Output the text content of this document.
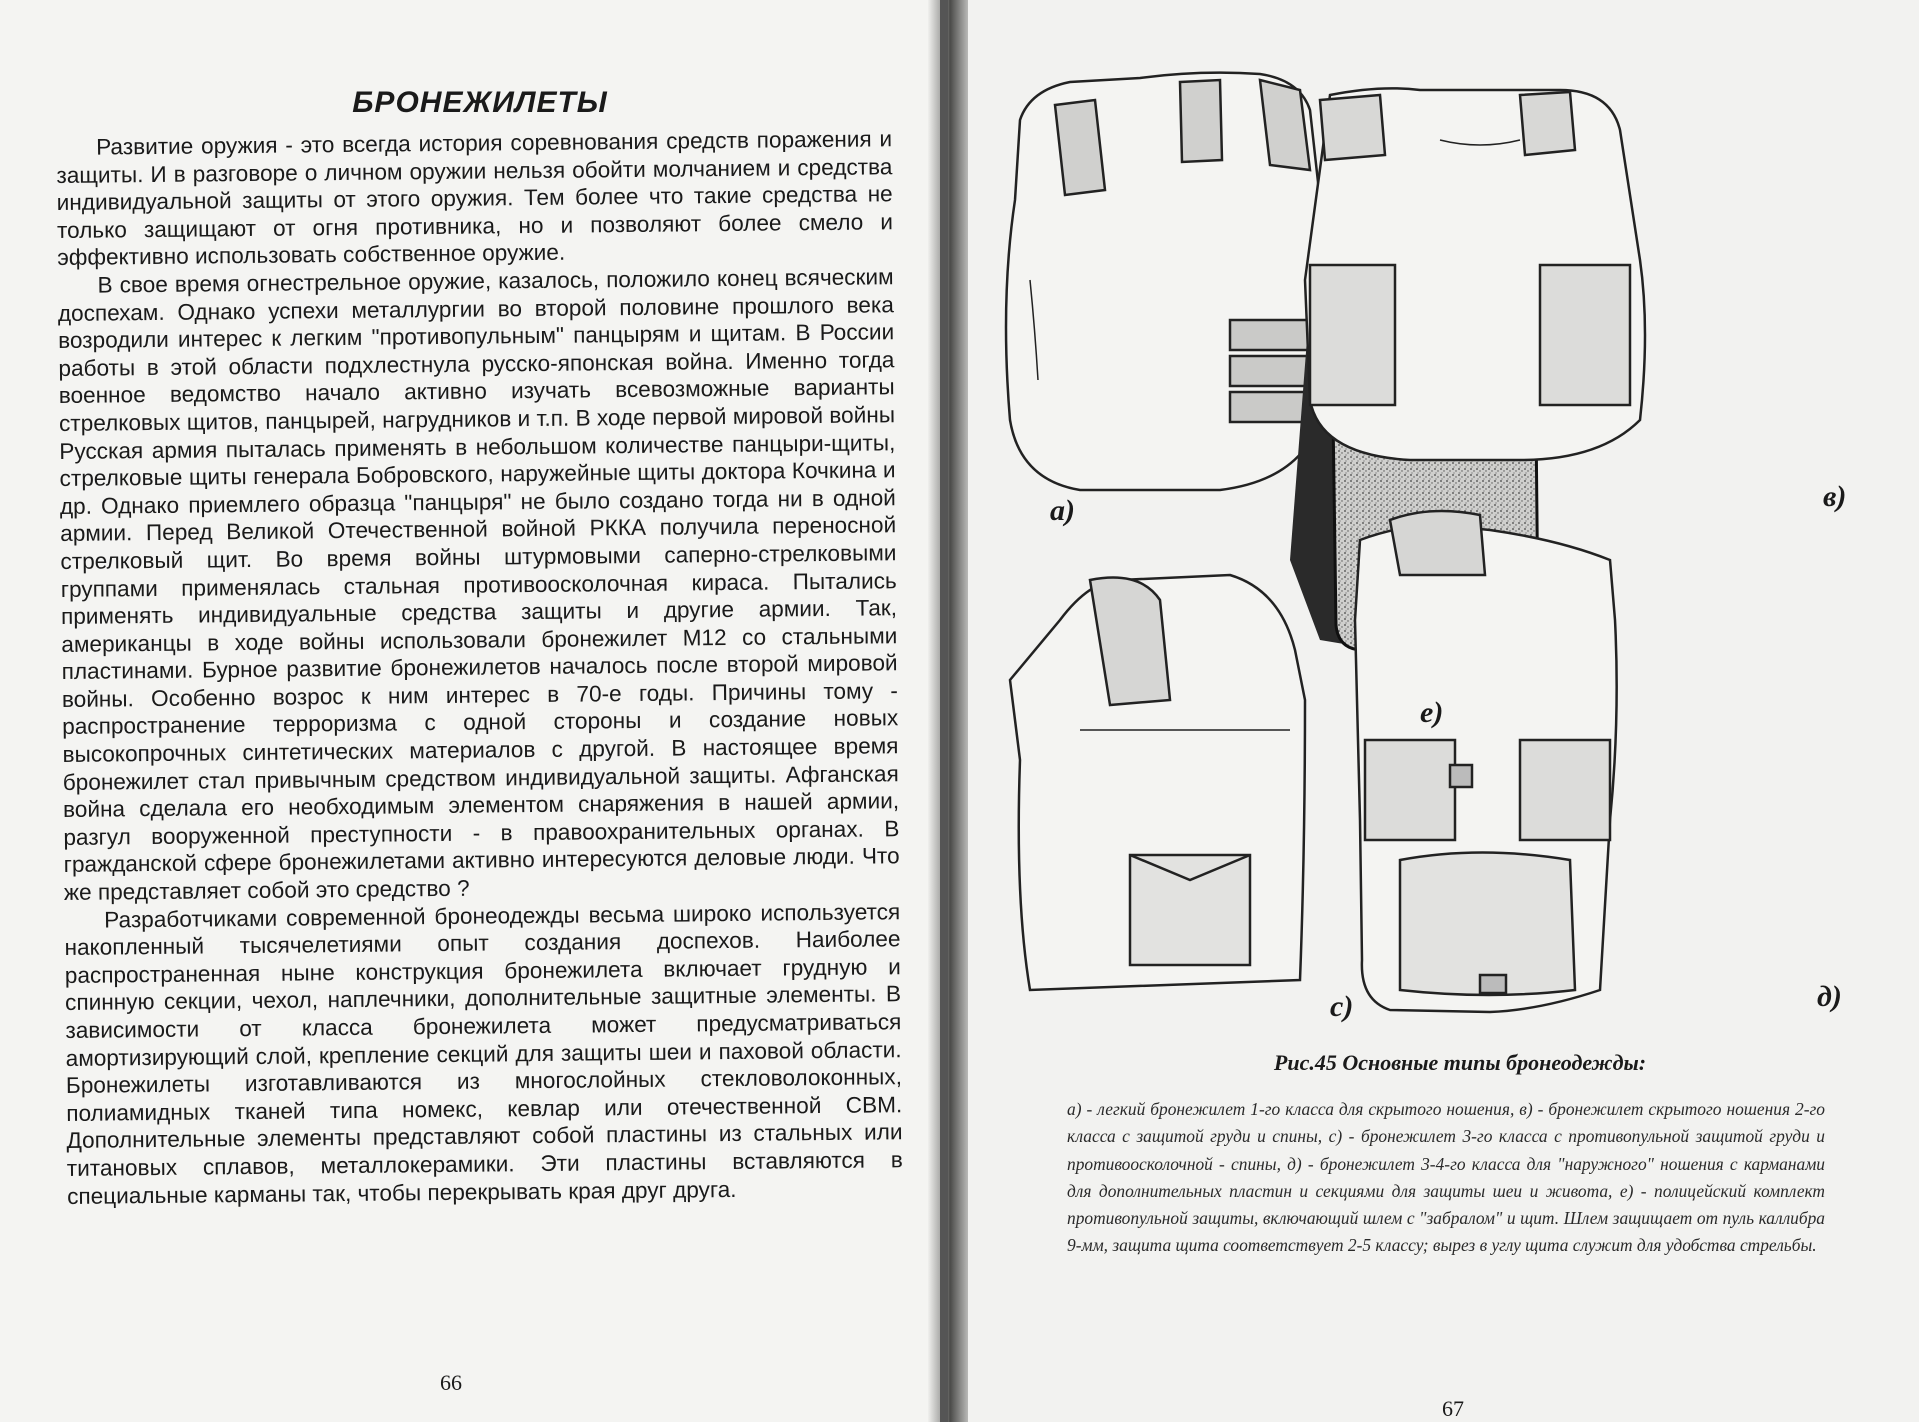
БРОНЕЖИЛЕТЫ

Развитие оружия - это всегда история соревнования средств поражения и защиты. И в разговоре о личном оружии нельзя обойти молчанием и средства индивидуальной защиты от этого оружия. Тем более что такие средства не только защищают от огня противника, но и позволяют более смело и эффективно использовать собственное оружие.

В свое время огнестрельное оружие, казалось, положило конец всяческим доспехам. Однако успехи металлургии во второй половине прошлого века возродили интерес к легким "противопульным" панцырям и щитам. В России работы в этой области подхлестнула русско-японская война. Именно тогда военное ведомство начало активно изучать всевозможные варианты стрелковых щитов, панцырей, нагрудников и т.п. В ходе первой мировой войны Русская армия пыталась применять в небольшом количестве панцыри-щиты, стрелковые щиты генерала Бобровского, наружейные щиты доктора Кочкина и др. Однако приемлего образца "панцыря" не было создано тогда ни в одной армии. Перед Великой Отечественной войной РККА получила переносной стрелковый щит. Во время войны штурмовыми саперно-стрелковыми группами применялась стальная противоосколочная кираса. Пытались применять индивидуальные средства защиты и другие армии. Так, американцы в ходе войны использовали бронежилет М12 со стальными пластинами. Бурное развитие бронежилетов началось после второй мировой войны. Особенно возрос к ним интерес в 70-е годы. Причины тому - распространение терроризма с одной стороны и создание новых высокопрочных синтетических материалов с другой. В настоящее время бронежилет стал привычным средством индивидуальной защиты. Афганская война сделала его необходимым элементом снаряжения в нашей армии, разгул вооруженной преступности - в правоохранительных органах. В гражданской сфере бронежилетами активно интересуются деловые люди. Что же представляет собой это средство ?

Разработчиками современной бронеодежды весьма широко используется накопленный тысячелетиями опыт создания доспехов. Наиболее распространенная ныне конструкция бронежилета включает грудную и спинную секции, чехол, наплечники, дополнительные защитные элементы. В зависимости от класса бронежилета может предусматриваться амортизирующий слой, крепление секций для защиты шеи и паховой области. Бронежилеты изготавливаются из многослойных стекловолоконных, полиамидных тканей типа номекс, кевлар или отечественной СВМ. Дополнительные элементы представляют собой пластины из стальных или титановых сплавов, металлокерамики. Эти пластины вставляются в специальные карманы так, чтобы перекрывать края друг друга.

66
а)	в)
е)
с)	д)
Рис.45 Основные типы бронеодежды:
а) - легкий бронежилет 1-го класса для скрытого ношения, в) - бронежилет скрытого ношения 2-го класса с защитой груди и спины, с) - бронежилет 3-го класса с противопульной защитой груди и противоосколочной - спины, д) - бронежилет 3-4-го класса для "наружного" ношения с карманами для дополнительных пластин и секциями для защиты шеи и живота, е) - полицейский комплект противопульной защиты, включающий шлем с "забралом" и щит. Шлем защищает от пуль каллибра 9-мм, защита щита соответствует 2-5 классу; вырез в углу щита служит для удобства стрельбы.
67
